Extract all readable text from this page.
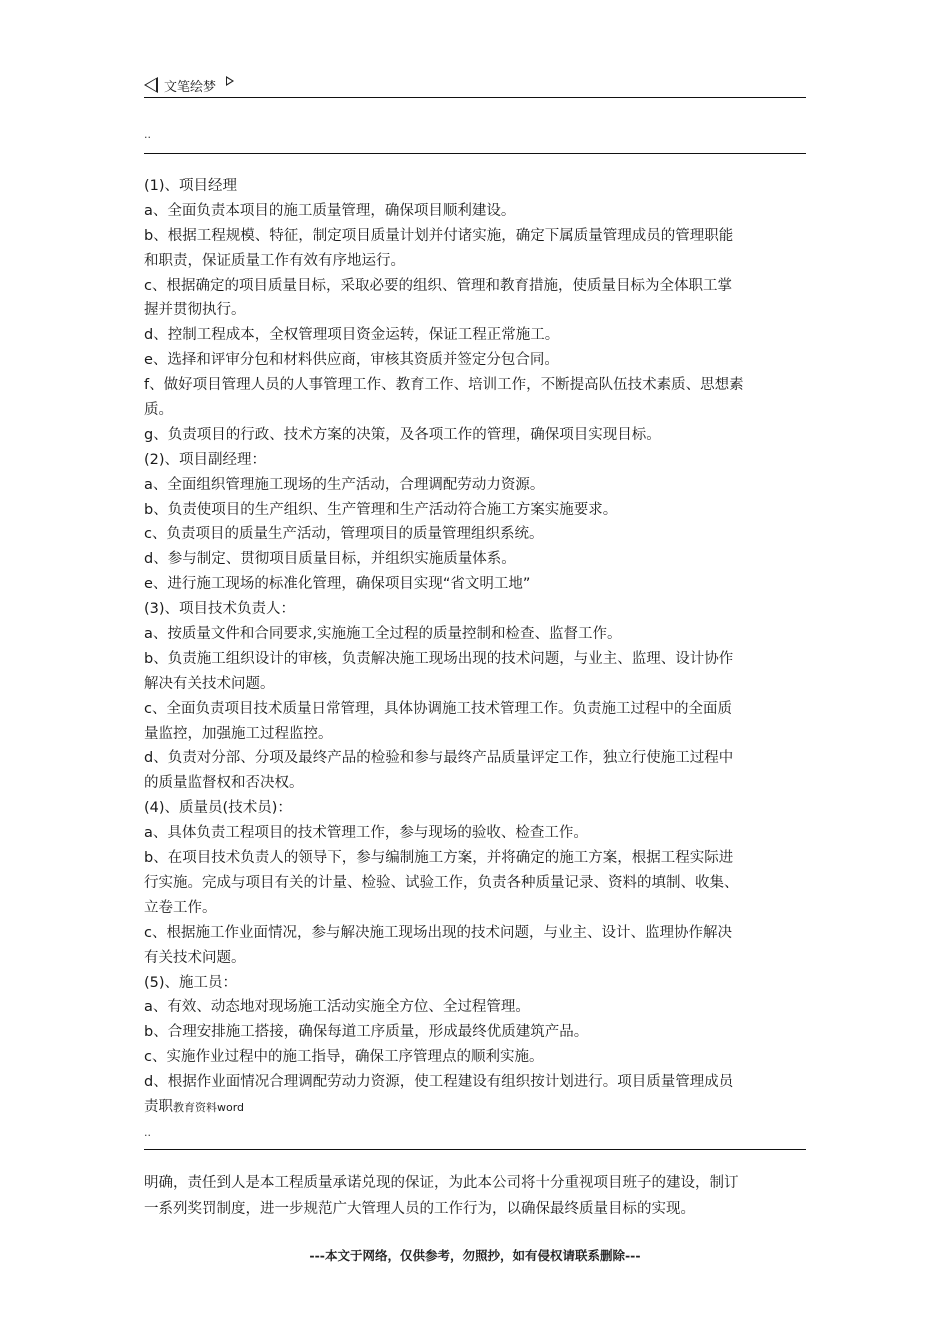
文笔绘梦
..
(1)、项目经理
a、全面负责本项目的施工质量管理，确保项目顺利建设。
b、根据工程规模、特征，制定项目质量计划并付诸实施，确定下属质量管理成员的管理职能
和职责，保证质量工作有效有序地运行。
c、根据确定的项目质量目标，采取必要的组织、管理和教育措施，使质量目标为全体职工掌
握并贯彻执行。
d、控制工程成本，全权管理项目资金运转，保证工程正常施工。
e、选择和评审分包和材料供应商，审核其资质并签定分包合同。
f、做好项目管理人员的人事管理工作、教育工作、培训工作，不断提高队伍技术素质、思想素
质。
g、负责项目的行政、技术方案的决策，及各项工作的管理，确保项目实现目标。
(2)、项目副经理：
a、全面组织管理施工现场的生产活动，合理调配劳动力资源。
b、负责使项目的生产组织、生产管理和生产活动符合施工方案实施要求。
c、负责项目的质量生产活动，管理项目的质量管理组织系统。
d、参与制定、贯彻项目质量目标，并组织实施质量体系。
e、进行施工现场的标准化管理，确保项目实现“省文明工地”
(3)、项目技术负责人：
a、按质量文件和合同要求,实施施工全过程的质量控制和检查、监督工作。
b、负责施工组织设计的审核，负责解决施工现场出现的技术问题，与业主、监理、设计协作
解决有关技术问题。
c、全面负责项目技术质量日常管理，具体协调施工技术管理工作。负责施工过程中的全面质
量监控，加强施工过程监控。
d、负责对分部、分项及最终产品的检验和参与最终产品质量评定工作，独立行使施工过程中
的质量监督权和否决权。
(4)、质量员(技术员)：
a、具体负责工程项目的技术管理工作，参与现场的验收、检查工作。
b、在项目技术负责人的领导下，参与编制施工方案，并将确定的施工方案，根据工程实际进
行实施。完成与项目有关的计量、检验、试验工作，负责各种质量记录、资料的填制、收集、
立卷工作。
c、根据施工作业面情况，参与解决施工现场出现的技术问题，与业主、设计、监理协作解决
有关技术问题。
(5)、施工员：
a、有效、动态地对现场施工活动实施全方位、全过程管理。
b、合理安排施工搭接，确保每道工序质量，形成最终优质建筑产品。
c、实施作业过程中的施工指导，确保工序管理点的顺利实施。
d、根据作业面情况合理调配劳动力资源，使工程建设有组织按计划进行。项目质量管理成员
责职教育资料word
..
明确，责任到人是本工程质量承诺兑现的保证，为此本公司将十分重视项目班子的建设，制订
一系列奖罚制度，进一步规范广大管理人员的工作行为，以确保最终质量目标的实现。
---本文于网络，仅供参考，勿照抄，如有侵权请联系删除---
